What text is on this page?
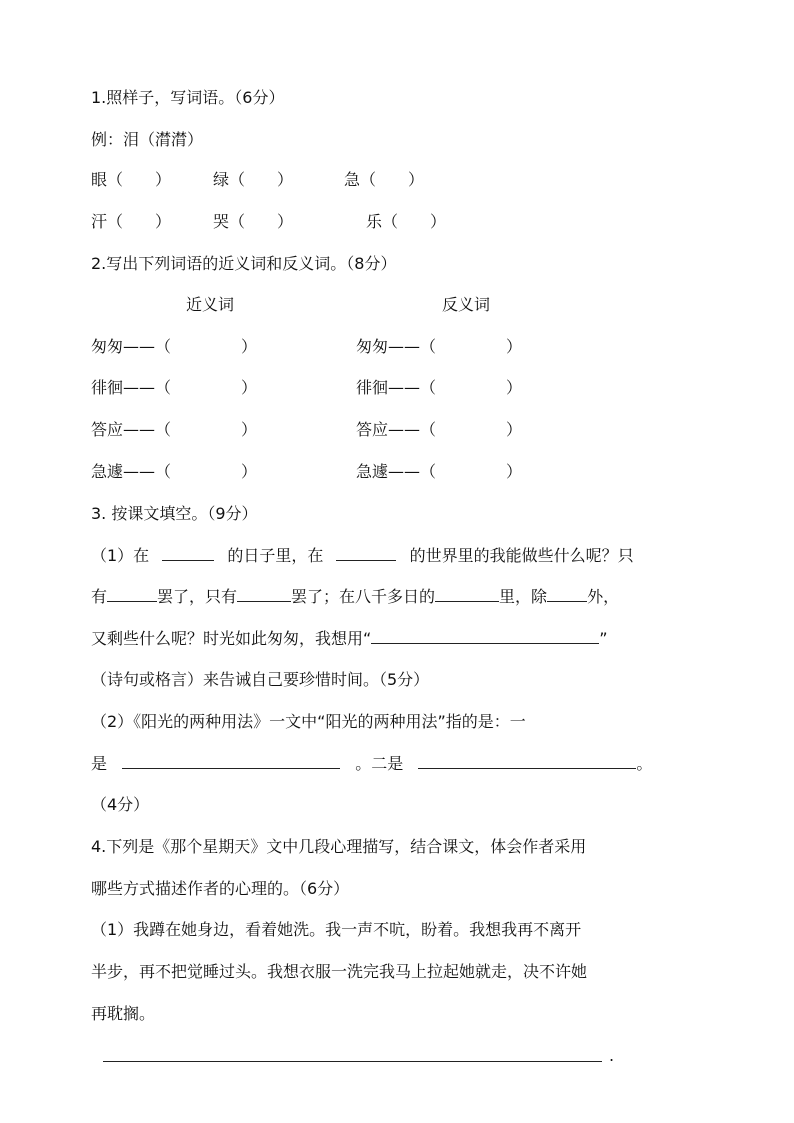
1.照样子，写词语。（6分）
例：泪（潸潸）
眼（　　）	绿（　　）	急（　　）
汗（　　）	哭（　　）	乐（　　）
2.写出下列词语的近义词和反义词。（8分）
近义词	反义词
匆匆——（	）	匆匆——（	）
徘徊——（	）	徘徊——（	）
答应——（	）	答应——（	）
急遽——（	）	急遽——（	）
3. 按课文填空。（9分）
（1）在	的日子里，在	的世界里的我能做些什么呢？只
有	罢了，只有	罢了；在八千多日的	里，除	外，
又剩些什么呢？时光如此匆匆，我想用“	”
（诗句或格言）来告诫自己要珍惜时间。（5分）
（2）《阳光的两种用法》一文中“阳光的两种用法”指的是：一
是	。二是	。
（4分）
4.下列是《那个星期天》文中几段心理描写，结合课文，体会作者采用
哪些方式描述作者的心理的。（6分）
（1）我蹲在她身边，看着她洗。我一声不吭，盼着。我想我再不离开
半步，再不把觉睡过头。我想衣服一洗完我马上拉起她就走，决不许她
再耽搁。
.
